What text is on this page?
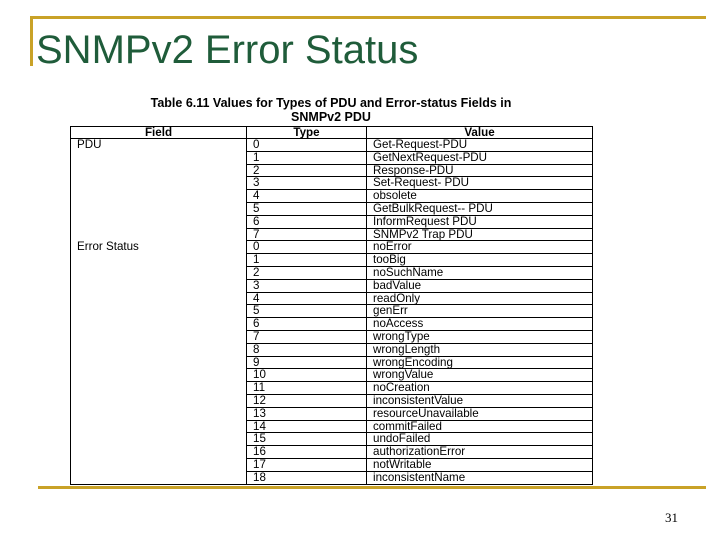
SNMPv2 Error Status
Table 6.11 Values for Types of PDU and Error-status Fields in
SNMPv2 PDU
Field	Type	Value
PDU	0	Get-Request-PDU
	1	GetNextRequest-PDU
	2	Response-PDU
	3	Set-Request- PDU
	4	obsolete
	5	GetBulkRequest-- PDU
	6	InformRequest PDU
	7	SNMPv2 Trap PDU
Error Status	0	noError
	1	tooBig
	2	noSuchName
	3	badValue
	4	readOnly
	5	genErr
	6	noAccess
	7	wrongType
	8	wrongLength
	9	wrongEncoding
	10	wrongValue
	11	noCreation
	12	inconsistentValue
	13	resourceUnavailable
	14	commitFailed
	15	undoFailed
	16	authorizationError
	17	notWritable
	18	inconsistentName
31
